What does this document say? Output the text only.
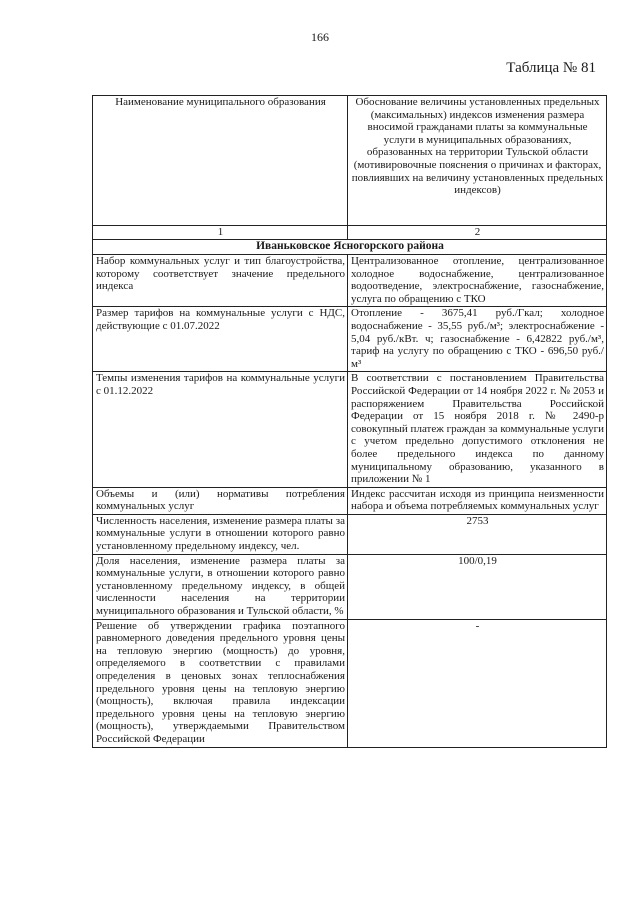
166
Таблица № 81
Наименование муниципального образования	Обоснование величины установленных предельных (максимальных) индексов изменения размера вносимой гражданами платы за коммунальные услуги в муниципальных образованиях, образованных на территории Тульской области (мотивировочные пояснения о причинах и факторах, повлиявших на величину установленных предельных индексов)
1	2
Иваньковское Ясногорского района	
Набор коммунальных услуг и тип благоустройства, которому соответствует значение предельного индекса	Централизованное отопление, централизованное холодное водоснабжение, централизованное водоотведение, электроснабжение, газоснабжение, услуга по обращению с ТКО
Размер тарифов на коммунальные услуги с НДС, действующие с 01.07.2022	Отопление - 3675,41 руб./Гкал; холодное водоснабжение - 35,55 руб./м³; электроснабжение - 5,04 руб./кВт. ч; газоснабжение - 6,42822 руб./м³, тариф на услугу по обращению с ТКО - 696,50 руб./м³
Темпы изменения тарифов на коммунальные услуги с 01.12.2022	В соответствии с постановлением Правительства Российской Федерации от 14 ноября 2022 г. № 2053 и распоряжением Правительства Российской Федерации от 15 ноября 2018 г. № 2490-р совокупный платеж граждан за коммунальные услуги с учетом предельно допустимого отклонения не более предельного индекса по данному муниципальному образованию, указанного в приложении № 1
Объемы и (или) нормативы потребления коммунальных услуг	Индекс рассчитан исходя из принципа неизменности набора и объема потребляемых коммунальных услуг
Численность населения, изменение размера платы за коммунальные услуги в отношении которого равно установленному предельному индексу, чел.	2753
Доля населения, изменение размера платы за коммунальные услуги, в отношении которого равно установленному предельному индексу, в общей численности населения на территории муниципального образования и Тульской области, %	100/0,19
Решение об утверждении графика поэтапного равномерного доведения предельного уровня цены на тепловую энергию (мощность) до уровня, определяемого в соответствии с правилами определения в ценовых зонах теплоснабжения предельного уровня цены на тепловую энергию (мощность), включая правила индексации предельного уровня цены на тепловую энергию (мощность), утверждаемыми Правительством Российской Федерации	-
